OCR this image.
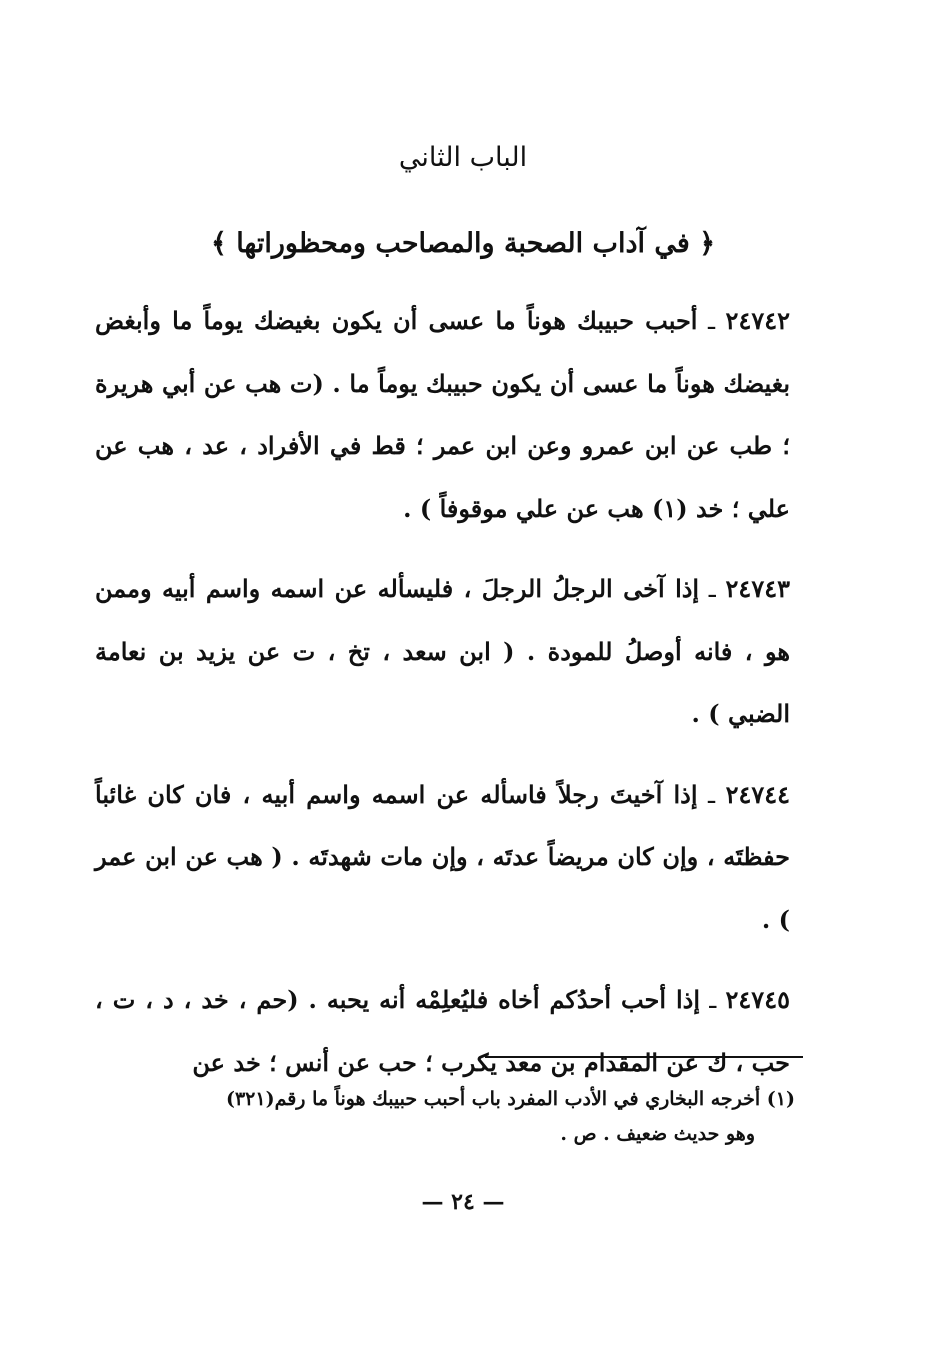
الباب الثاني
﴿ في آداب الصحبة والمصاحب ومحظوراتها ﴾

٢٤٧٤٢ ـ أحبب حبيبك هوناً ما عسى أن يكون بغيضك يوماً ما وأبغض بغيضك هوناً ما عسى أن يكون حبيبك يوماً ما . (ت هب عن أبي هريرة ؛ طب عن ابن عمرو وعن ابن عمر ؛ قط في الأفراد ، عد ، هب عن علي ؛ خد (١) هب عن علي موقوفاً ) .

٢٤٧٤٣ ـ إذا آخى الرجلُ الرجلَ ، فليسأله عن اسمه واسم أبيه وممن هو ، فانه أوصلُ للمودة . ( ابن سعد ، تخ ، ت عن يزيد بن نعامة الضبي ) .

٢٤٧٤٤ ـ إذا آخيتَ رجلاً فاسأله عن اسمه واسم أبيه ، فان كان غائباً حفظتَه ، وإن كان مريضاً عدتَه ، وإن مات شهدتَه . ( هب عن ابن عمر ) .

٢٤٧٤٥ ـ إذا أحب أحدُكم أخاه فليُعلِمْه أنه يحبه . (حم ، خد ، د ، ت ، حب ، ك عن المقدام بن معد يكرب ؛ حب عن أنس ؛ خد عن

(١) أخرجه البخاري في الأدب المفرد باب أحبب حبيبك هوناً ما رقم(٣٢١)
وهو حديث ضعيف . ص .
— ٢٤ —
